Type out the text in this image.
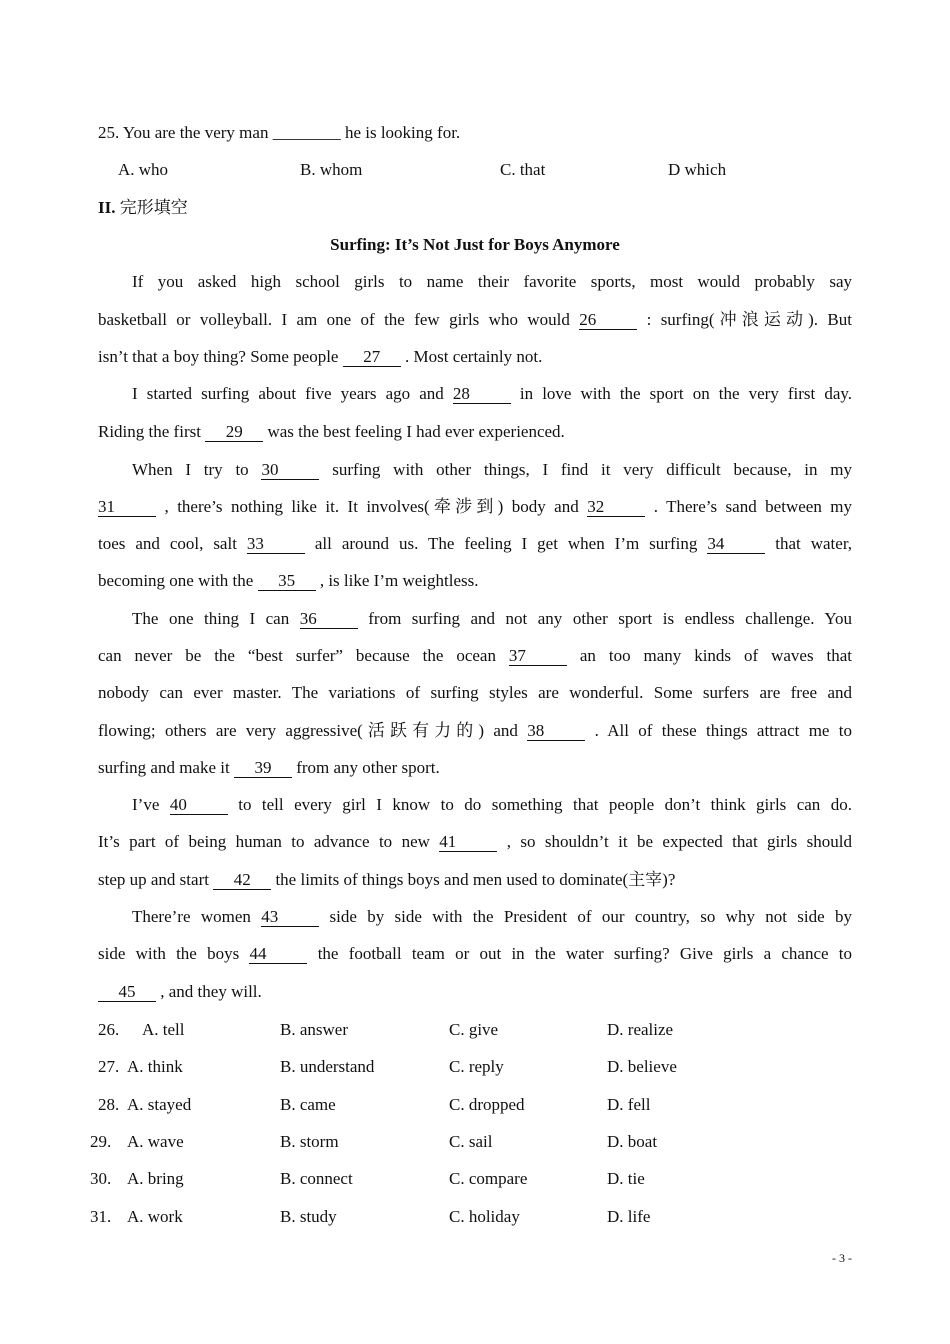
25. You are the very man ________ he is looking for.
A. who	B. whom	C. that	D which
II. 完形填空
Surfing: It’s Not Just for Boys Anymore
If you asked high school girls to name their favorite sports, most would probably say
basketball or volleyball. I am one of the few girls who would 26	: surfing(冲浪运动). But
isn’t that a boy thing? Some people 27 . Most certainly not.
I started surfing about five years ago and 28	in love with the sport on the very first day.
Riding the first 29 was the best feeling I had ever experienced.
When I try to 30	surfing with other things, I find it very difficult because, in my
31	, there’s nothing like it. It involves(牵涉到) body and 32	. There’s sand between my
toes and cool, salt 33	all around us. The feeling I get when I’m surfing 34	that water,
becoming one with the 35 , is like I’m weightless.
The one thing I can 36	from surfing and not any other sport is endless challenge. You
can never be the “best surfer” because the ocean 37	an too many kinds of waves that
nobody can ever master. The variations of surfing styles are wonderful. Some surfers are free and
flowing; others are very aggressive(活跃有力的) and 38	. All of these things attract me to
surfing and make it 39 from any other sport.
I’ve 40	to tell every girl I know to do something that people don’t think girls can do.
It’s part of being human to advance to new 41	, so shouldn’t it be expected that girls should
step up and start 42 the limits of things boys and men used to dominate(主宰)?
There’re women 43	side by side with the President of our country, so why not side by
side with the boys 44	the football team or out in the water surfing? Give girls a chance to
45 , and they will.
26. A. tell	B. answer	C. give	D. realize
27. A. think	B. understand	C. reply	D. believe
28. A. stayed	B. came	C. dropped	D. fell
29. A. wave	B. storm	C. sail	D. boat
30. A. bring	B. connect	C. compare	D. tie
31. A. work	B. study	C. holiday	D. life
- 3 -
